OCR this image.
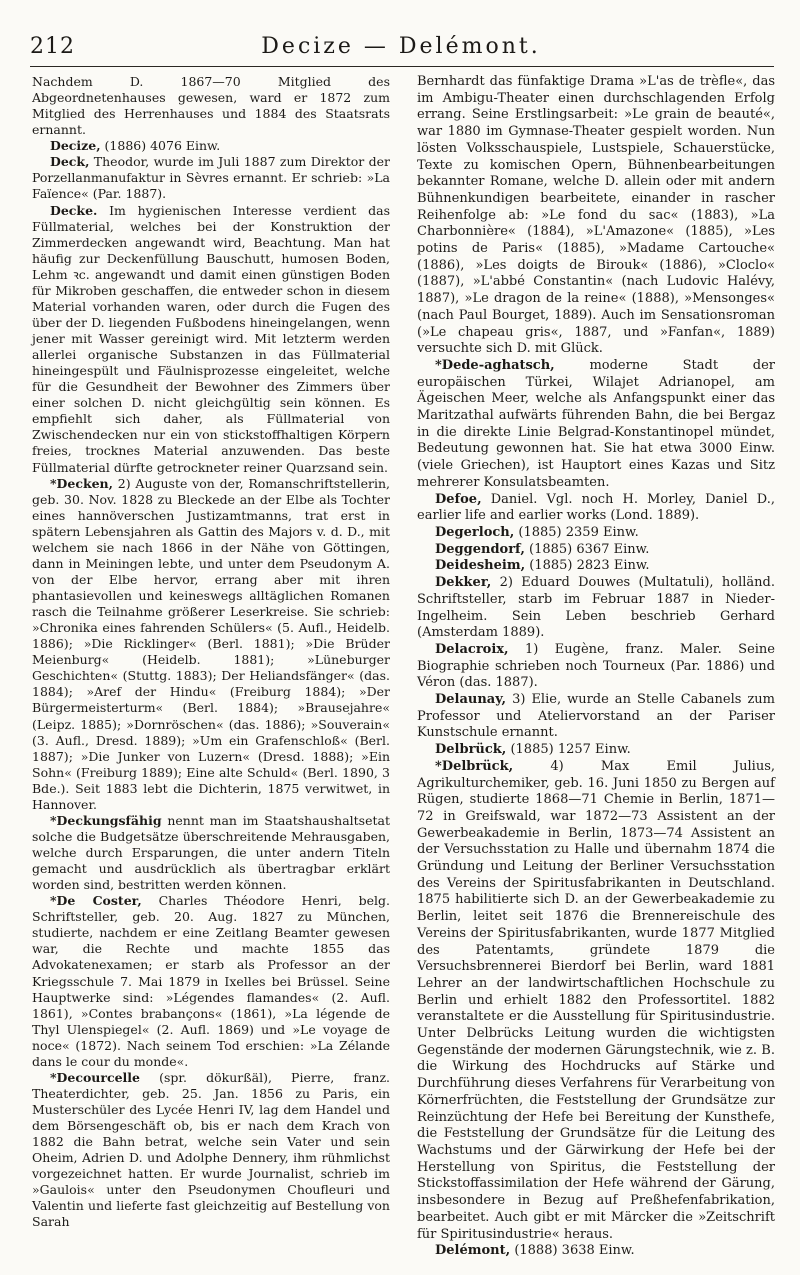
212	Decize — Delémont.

Nachdem D. 1867—70 Mitglied des Abgeordnetenhauses gewesen, ward er 1872 zum Mitglied des Herrenhauses und 1884 des Staatsrats ernannt.

Decize, (1886) 4076 Einw.

Deck, Theodor, wurde im Juli 1887 zum Direktor der Porzellanmanufaktur in Sèvres ernannt. Er schrieb: »La Faïence« (Par. 1887).

Decke. Im hygienischen Interesse verdient das Füllmaterial, welches bei der Konstruktion der Zimmerdecken angewandt wird, Beachtung. Man hat häufig zur Deckenfüllung Bauschutt, humosen Boden, Lehm ꝛc. angewandt und damit einen günstigen Boden für Mikroben geschaffen, die entweder schon in diesem Material vorhanden waren, oder durch die Fugen des über der D. liegenden Fußbodens hineingelangen, wenn jener mit Wasser gereinigt wird. Mit letzterm werden allerlei organische Substanzen in das Füllmaterial hineingespült und Fäulnisprozesse eingeleitet, welche für die Gesundheit der Bewohner des Zimmers über einer solchen D. nicht gleichgültig sein können. Es empfiehlt sich daher, als Füllmaterial von Zwischendecken nur ein von stickstoffhaltigen Körpern freies, trocknes Material anzuwenden. Das beste Füllmaterial dürfte getrockneter reiner Quarzsand sein.

*Decken, 2) Auguste von der, Romanschriftstellerin, geb. 30. Nov. 1828 zu Bleckede an der Elbe als Tochter eines hannöverschen Justizamtmanns, trat erst in spätern Lebensjahren als Gattin des Majors v. d. D., mit welchem sie nach 1866 in der Nähe von Göttingen, dann in Meiningen lebte, und unter dem Pseudonym A. von der Elbe hervor, errang aber mit ihren phantasievollen und keineswegs alltäglichen Romanen rasch die Teilnahme größerer Leserkreise. Sie schrieb: »Chronika eines fahrenden Schülers« (5. Aufl., Heidelb. 1886); »Die Ricklinger« (Berl. 1881); »Die Brüder Meienburg« (Heidelb. 1881); »Lüneburger Geschichten« (Stuttg. 1883); Der Heliandsfänger« (das. 1884); »Aref der Hindu« (Freiburg 1884); »Der Bürgermeisterturm« (Berl. 1884); »Brausejahre« (Leipz. 1885); »Dornröschen« (das. 1886); »Souverain« (3. Aufl., Dresd. 1889); »Um ein Grafenschloß« (Berl. 1887); »Die Junker von Luzern« (Dresd. 1888); »Ein Sohn« (Freiburg 1889); Eine alte Schuld« (Berl. 1890, 3 Bde.). Seit 1883 lebt die Dichterin, 1875 verwitwet, in Hannover.

*Deckungsfähig nennt man im Staatshaushaltsetat solche die Budgetsätze überschreitende Mehrausgaben, welche durch Ersparungen, die unter andern Titeln gemacht und ausdrücklich als übertragbar erklärt worden sind, bestritten werden können.

*De Coster, Charles Théodore Henri, belg. Schriftsteller, geb. 20. Aug. 1827 zu München, studierte, nachdem er eine Zeitlang Beamter gewesen war, die Rechte und machte 1855 das Advokatenexamen; er starb als Professor an der Kriegsschule 7. Mai 1879 in Ixelles bei Brüssel. Seine Hauptwerke sind: »Légendes flamandes« (2. Aufl. 1861), »Contes brabançons« (1861), »La légende de Thyl Ulenspiegel« (2. Aufl. 1869) und »Le voyage de noce« (1872). Nach seinem Tod erschien: »La Zélande dans le cour du monde«.

*Decourcelle (spr. dökurßäl), Pierre, franz. Theaterdichter, geb. 25. Jan. 1856 zu Paris, ein Musterschüler des Lycée Henri IV, lag dem Handel und dem Börsengeschäft ob, bis er nach dem Krach von 1882 die Bahn betrat, welche sein Vater und sein Oheim, Adrien D. und Adolphe Dennery, ihm rühmlichst vorgezeichnet hatten. Er wurde Journalist, schrieb im »Gaulois« unter den Pseudonymen Choufleuri und Valentin und lieferte fast gleichzeitig auf Bestellung von Sarah

Bernhardt das fünfaktige Drama »L'as de trèfle«, das im Ambigu-Theater einen durchschlagenden Erfolg errang. Seine Erstlingsarbeit: »Le grain de beauté«, war 1880 im Gymnase-Theater gespielt worden. Nun lösten Volksschauspiele, Lustspiele, Schauerstücke, Texte zu komischen Opern, Bühnenbearbeitungen bekannter Romane, welche D. allein oder mit andern Bühnenkundigen bearbeitete, einander in rascher Reihenfolge ab: »Le fond du sac« (1883), »La Charbonnière« (1884), »L'Amazone« (1885), »Les potins de Paris« (1885), »Madame Cartouche« (1886), »Les doigts de Birouk« (1886), »Cloclo« (1887), »L'abbé Constantin« (nach Ludovic Halévy, 1887), »Le dragon de la reine« (1888), »Mensonges« (nach Paul Bourget, 1889). Auch im Sensationsroman (»Le chapeau gris«, 1887, und »Fanfan«, 1889) versuchte sich D. mit Glück.

*Dede-aghatsch,	moderne Stadt der europäischen Türkei, Wilajet Adrianopel, am Ägeischen Meer, welche als Anfangspunkt einer das Maritzathal aufwärts führenden Bahn, die bei Bergaz in die direkte Linie Belgrad-Konstantinopel mündet, Bedeutung gewonnen hat. Sie hat etwa 3000 Einw. (viele Griechen), ist Hauptort eines Kazas und Sitz mehrerer Konsulatsbeamten.

Defoe, Daniel. Vgl. noch H. Morley, Daniel D., earlier life and earlier works (Lond. 1889).

Degerloch, (1885) 2359 Einw.

Deggendorf, (1885) 6367 Einw.

Deidesheim, (1885) 2823 Einw.

Dekker, 2) Eduard Douwes (Multatuli), holländ. Schriftsteller, starb im Februar 1887 in Nieder-Ingelheim. Sein Leben beschrieb Gerhard (Amsterdam 1889).

Delacroix, 1) Eugène, franz. Maler. Seine Biographie schrieben noch Tourneux (Par. 1886) und Véron (das. 1887).

Delaunay, 3) Elie, wurde an Stelle Cabanels zum Professor und Ateliervorstand an der Pariser Kunstschule ernannt.

Delbrück, (1885) 1257 Einw.

*Delbrück,	4) Max Emil Julius, Agrikulturchemiker, geb. 16. Juni 1850 zu Bergen auf Rügen, studierte 1868—71 Chemie in Berlin, 1871—72 in Greifswald, war 1872—73 Assistent an der Gewerbeakademie in Berlin, 1873—74 Assistent an der Versuchsstation zu Halle und übernahm 1874 die Gründung und Leitung der Berliner Versuchsstation des Vereins der Spiritusfabrikanten in Deutschland. 1875 habilitierte sich D. an der Gewerbeakademie zu Berlin, leitet seit 1876 die Brennereischule des Vereins der Spiritusfabrikanten, wurde 1877 Mitglied des Patentamts, gründete 1879 die Versuchsbrennerei Bierdorf bei Berlin, ward 1881 Lehrer an der landwirtschaftlichen Hochschule zu Berlin und erhielt 1882 den Professortitel. 1882 veranstaltete er die Ausstellung für Spiritusindustrie. Unter Delbrücks Leitung wurden die wichtigsten Gegenstände der modernen Gärungstechnik, wie z. B. die Wirkung des Hochdrucks auf Stärke und Durchführung dieses Verfahrens für Verarbeitung von Körnerfrüchten, die Feststellung der Grundsätze zur Reinzüchtung der Hefe bei Bereitung der Kunsthefe, die Feststellung der Grundsätze für die Leitung des Wachstums und der Gärwirkung der Hefe bei der Herstellung von Spiritus, die Feststellung der Stickstoffassimilation der Hefe während der Gärung, insbesondere in Bezug auf Preßhefenfabrikation, bearbeitet. Auch gibt er mit Märcker die »Zeitschrift für Spiritusindustrie« heraus.

Delémont, (1888) 3638 Einw.
